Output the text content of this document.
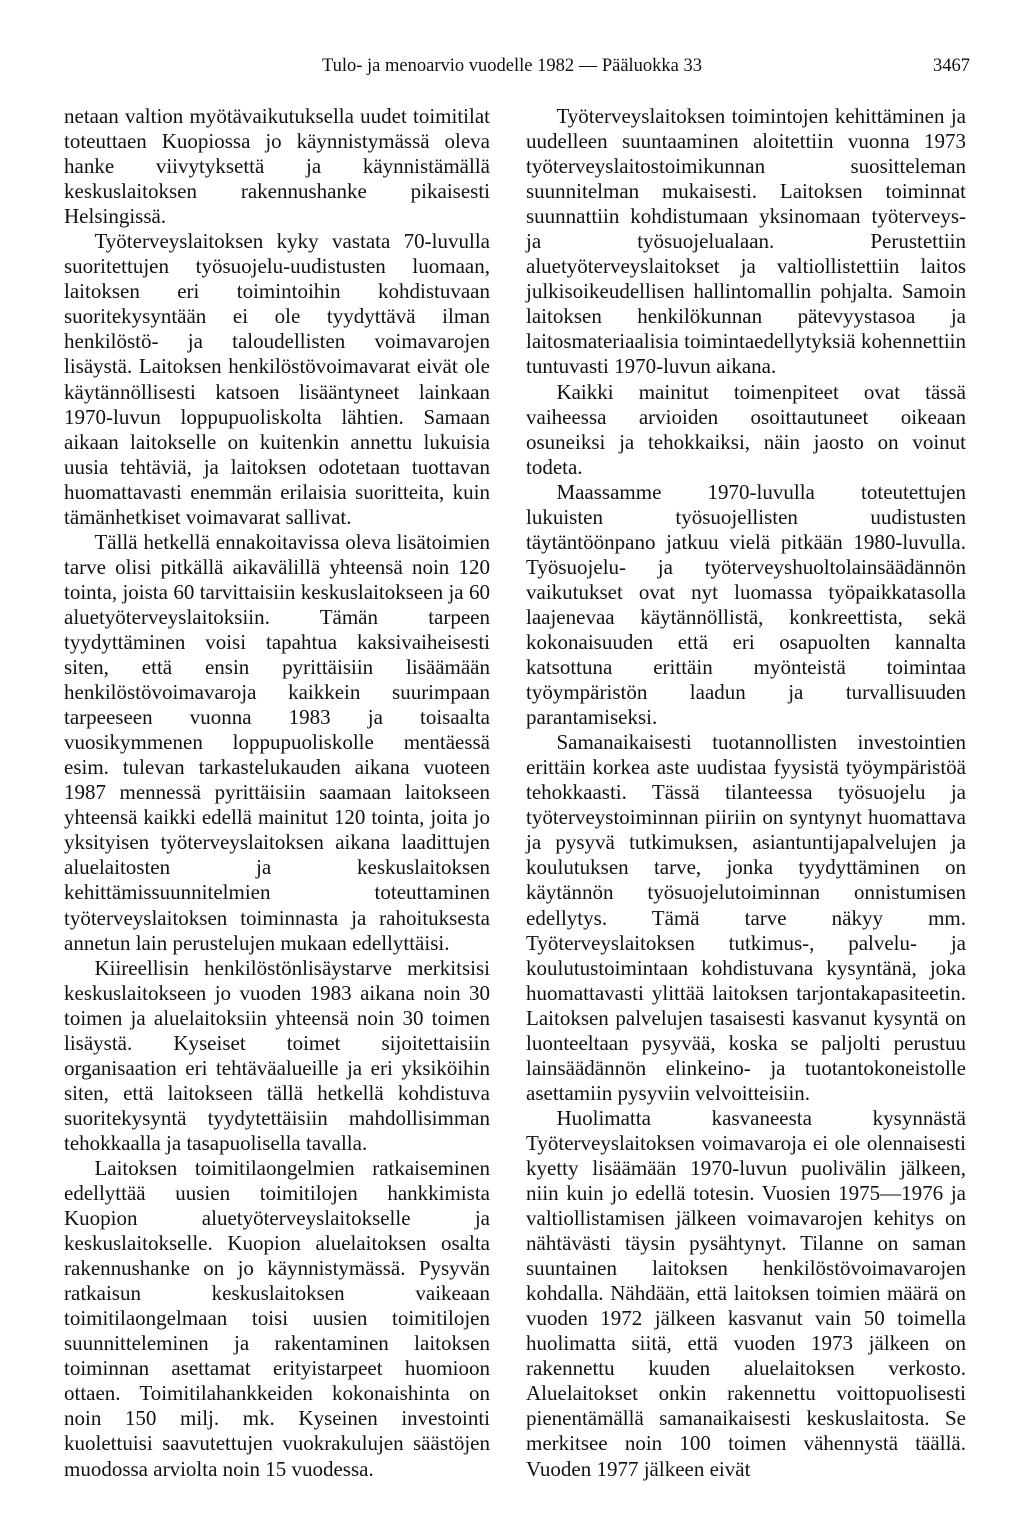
Tulo- ja menoarvio vuodelle 1982 — Pääluokka 33	3467

netaan valtion myötävaikutuksella uudet toimitilat toteuttaen Kuopiossa jo käynnistymässä oleva hanke viivytyksettä ja käynnistämällä keskuslaitoksen rakennushanke pikaisesti Helsingissä.

Työterveyslaitoksen kyky vastata 70-luvulla suoritettujen työsuojelu-uudistusten luomaan, laitoksen eri toimintoihin kohdistuvaan suoritekysyntään ei ole tyydyttävä ilman henkilöstö- ja taloudellisten voimavarojen lisäystä. Laitoksen henkilöstövoimavarat eivät ole käytännöllisesti katsoen lisääntyneet lainkaan 1970-luvun loppupuoliskolta lähtien. Samaan aikaan laitokselle on kuitenkin annettu lukuisia uusia tehtäviä, ja laitoksen odotetaan tuottavan huomattavasti enemmän erilaisia suoritteita, kuin tämänhetkiset voimavarat sallivat.

Tällä hetkellä ennakoitavissa oleva lisätoimien tarve olisi pitkällä aikavälillä yhteensä noin 120 tointa, joista 60 tarvittaisiin keskuslaitokseen ja 60 aluetyöterveyslaitoksiin. Tämän tarpeen tyydyttäminen voisi tapahtua kaksivaiheisesti siten, että ensin pyrittäisiin lisäämään henkilöstövoimavaroja kaikkein suurimpaan tarpeeseen vuonna 1983 ja toisaalta vuosikymmenen loppupuoliskolle mentäessä esim. tulevan tarkastelukauden aikana vuoteen 1987 mennessä pyrittäisiin saamaan laitokseen yhteensä kaikki edellä mainitut 120 tointa, joita jo yksityisen työterveyslaitoksen aikana laadittujen aluelaitosten ja keskuslaitoksen kehittämissuunnitelmien toteuttaminen työterveyslaitoksen toiminnasta ja rahoituksesta annetun lain perustelujen mukaan edellyttäisi.

Kiireellisin henkilöstönlisäystarve merkitsisi keskuslaitokseen jo vuoden 1983 aikana noin 30 toimen ja aluelaitoksiin yhteensä noin 30 toimen lisäystä. Kyseiset toimet sijoitettaisiin organisaation eri tehtäväalueille ja eri yksiköihin siten, että laitokseen tällä hetkellä kohdistuva suoritekysyntä tyydytettäisiin mahdollisimman tehokkaalla ja tasapuolisella tavalla.

Laitoksen toimitilaongelmien ratkaiseminen edellyttää uusien toimitilojen hankkimista Kuopion aluetyöterveyslaitokselle ja keskuslaitokselle. Kuopion aluelaitoksen osalta rakennushanke on jo käynnistymässä. Pysyvän ratkaisun keskuslaitoksen vaikeaan toimitilaongelmaan toisi uusien toimitilojen suunnitteleminen ja rakentaminen laitoksen toiminnan asettamat erityistarpeet huomioon ottaen. Toimitilahankkeiden kokonaishinta on noin 150 milj. mk. Kyseinen investointi kuolettuisi saavutettujen vuokrakulujen säästöjen muodossa arviolta noin 15 vuodessa.

Työterveyslaitoksen toimintojen kehittäminen ja uudelleen suuntaaminen aloitettiin vuonna 1973 työterveyslaitostoimikunnan suositteleman suunnitelman mukaisesti. Laitoksen toiminnat suunnattiin kohdistumaan yksinomaan työterveys- ja työsuojelualaan. Perustettiin aluetyöterveyslaitokset ja valtiollistettiin laitos julkisoikeudellisen hallintomallin pohjalta. Samoin laitoksen henkilökunnan pätevyystasoa ja laitosmateriaalisia toimintaedellytyksiä kohennettiin tuntuvasti 1970-luvun aikana.

Kaikki mainitut toimenpiteet ovat tässä vaiheessa arvioiden osoittautuneet oikeaan osuneiksi ja tehokkaiksi, näin jaosto on voinut todeta.

Maassamme 1970-luvulla toteutettujen lukuisten työsuojellisten uudistusten täytäntöönpano jatkuu vielä pitkään 1980-luvulla. Työsuojelu- ja työterveyshuoltolainsäädännön vaikutukset ovat nyt luomassa työpaikkatasolla laajenevaa käytännöllistä, konkreettista, sekä kokonaisuuden että eri osapuolten kannalta katsottuna erittäin myönteistä toimintaa työympäristön laadun ja turvallisuuden parantamiseksi.

Samanaikaisesti tuotannollisten investointien erittäin korkea aste uudistaa fyysistä työympäristöä tehokkaasti. Tässä tilanteessa työsuojelu ja työterveystoiminnan piiriin on syntynyt huomattava ja pysyvä tutkimuksen, asiantuntijapalvelujen ja koulutuksen tarve, jonka tyydyttäminen on käytännön työsuojelutoiminnan onnistumisen edellytys. Tämä tarve näkyy mm. Työterveyslaitoksen tutkimus-, palvelu- ja koulutustoimintaan kohdistuvana kysyntänä, joka huomattavasti ylittää laitoksen tarjontakapasiteetin. Laitoksen palvelujen tasaisesti kasvanut kysyntä on luonteeltaan pysyvää, koska se paljolti perustuu lainsäädännön elinkeino- ja tuotantokoneistolle asettamiin pysyviin velvoitteisiin.

Huolimatta kasvaneesta kysynnästä Työterveyslaitoksen voimavaroja ei ole olennaisesti kyetty lisäämään 1970-luvun puolivälin jälkeen, niin kuin jo edellä totesin. Vuosien 1975—1976 ja valtiollistamisen jälkeen voimavarojen kehitys on nähtävästi täysin pysähtynyt. Tilanne on saman suuntainen laitoksen henkilöstövoimavarojen kohdalla. Nähdään, että laitoksen toimien määrä on vuoden 1972 jälkeen kasvanut vain 50 toimella huolimatta siitä, että vuoden 1973 jälkeen on rakennettu kuuden aluelaitoksen verkosto. Aluelaitokset onkin rakennettu voittopuolisesti pienentämällä samanaikaisesti keskuslaitosta. Se merkitsee noin 100 toimen vähennystä täällä. Vuoden 1977 jälkeen eivät
